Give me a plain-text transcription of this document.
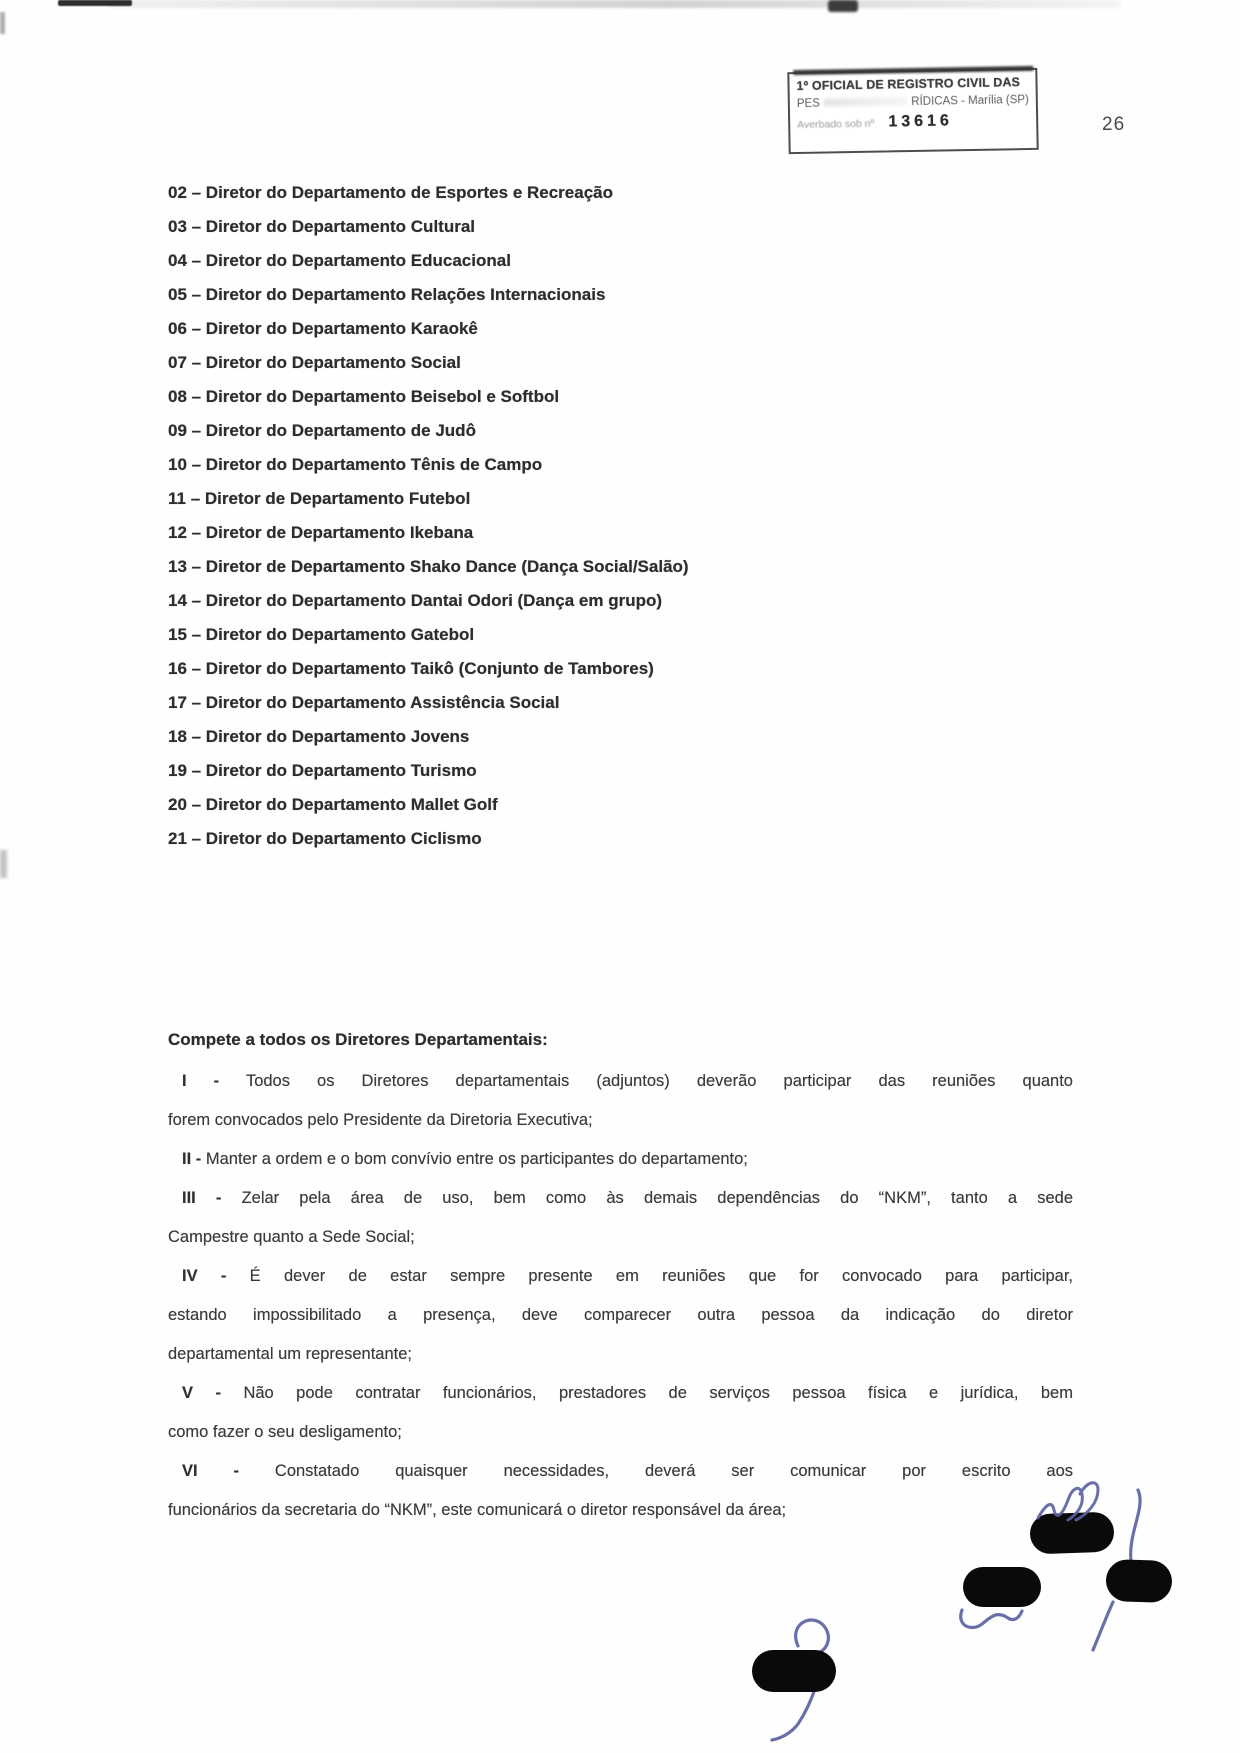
1º OFICIAL DE REGISTRO CIVIL DAS
PES	RÍDICAS - Marília (SP)
Averbado sob nº 13616	26
02 – Diretor do Departamento de Esportes e Recreação
03 – Diretor do Departamento Cultural
04 – Diretor do Departamento Educacional
05 – Diretor do Departamento Relações Internacionais
06 – Diretor do Departamento Karaokê
07 – Diretor do Departamento Social
08 – Diretor do Departamento Beisebol e Softbol
09 – Diretor do Departamento de Judô
10 – Diretor do Departamento Tênis de Campo
11 – Diretor de Departamento Futebol
12 – Diretor de Departamento Ikebana
13 – Diretor de Departamento Shako Dance (Dança Social/Salão)
14 – Diretor do Departamento Dantai Odori (Dança em grupo)
15 – Diretor do Departamento Gatebol
16 – Diretor do Departamento Taikô (Conjunto de Tambores)
17 – Diretor do Departamento Assistência Social
18 – Diretor do Departamento Jovens
19 – Diretor do Departamento Turismo
20 – Diretor do Departamento Mallet Golf
21 – Diretor do Departamento Ciclismo
Compete a todos os Diretores Departamentais:
I - Todos os Diretores departamentais (adjuntos) deverão participar das reuniões quanto
forem convocados pelo Presidente da Diretoria Executiva;
II - Manter a ordem e o bom convívio entre os participantes do departamento;
III - Zelar pela área de uso, bem como às demais dependências do “NKM”, tanto a sede
Campestre quanto a Sede Social;
IV - É dever de estar sempre presente em reuniões que for convocado para participar,
estando impossibilitado a presença, deve comparecer outra pessoa da indicação do diretor
departamental um representante;
V - Não pode contratar funcionários, prestadores de serviços pessoa física e jurídica, bem
como fazer o seu desligamento;
VI - Constatado quaisquer necessidades, deverá ser comunicar por escrito aos
funcionários da secretaria do “NKM”, este comunicará o diretor responsável da área;
